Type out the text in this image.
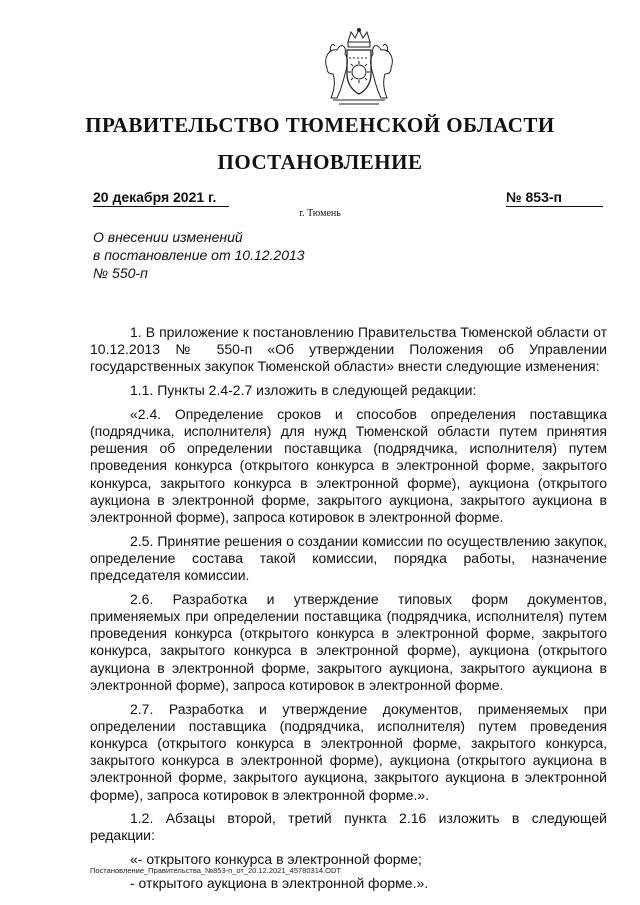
ПРАВИТЕЛЬСТВО ТЮМЕНСКОЙ ОБЛАСТИ
ПОСТАНОВЛЕНИЕ
20 декабря 2021 г.	№ 853-п
г. Тюмень
О внесении изменений
в постановление от 10.12.2013
№ 550-п

1. В приложение к постановлению Правительства Тюменской области от 10.12.2013 № 550-п «Об утверждении Положения об Управлении государственных закупок Тюменской области» внести следующие изменения:

1.1. Пункты 2.4-2.7 изложить в следующей редакции:

«2.4. Определение сроков и способов определения поставщика (подрядчика, исполнителя) для нужд Тюменской области путем принятия решения об определении поставщика (подрядчика, исполнителя) путем проведения конкурса (открытого конкурса в электронной форме, закрытого конкурса, закрытого конкурса в электронной форме), аукциона (открытого аукциона в электронной форме, закрытого аукциона, закрытого аукциона в электронной форме), запроса котировок в электронной форме.

2.5. Принятие решения о создании комиссии по осуществлению закупок, определение состава такой комиссии, порядка работы, назначение председателя комиссии.

2.6. Разработка и утверждение типовых форм документов, применяемых при определении поставщика (подрядчика, исполнителя) путем проведения конкурса (открытого конкурса в электронной форме, закрытого конкурса, закрытого конкурса в электронной форме), аукциона (открытого аукциона в электронной форме, закрытого аукциона, закрытого аукциона в электронной форме), запроса котировок в электронной форме.

2.7. Разработка и утверждение документов, применяемых при определении поставщика (подрядчика, исполнителя) путем проведения конкурса (открытого конкурса в электронной форме, закрытого конкурса, закрытого конкурса в электронной форме), аукциона (открытого аукциона в электронной форме, закрытого аукциона, закрытого аукциона в электронной форме), запроса котировок в электронной форме.».

1.2. Абзацы второй, третий пункта 2.16 изложить в следующей редакции:

«- открытого конкурса в электронной форме;

- открытого аукциона в электронной форме.».

Постановление_Правительства_№853-п_от_20.12.2021_45780314.ODT
